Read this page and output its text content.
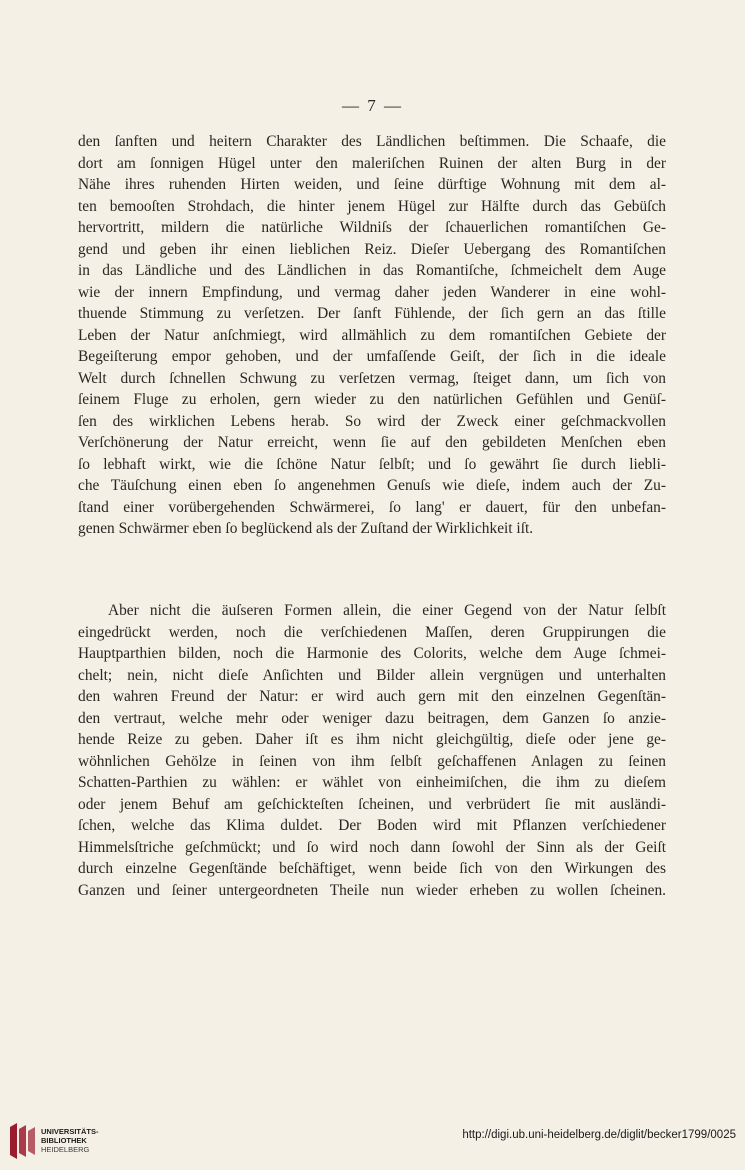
— 7 —
den ſanften und heitern Charakter des Ländlichen beſtimmen. Die Schaafe, die
dort am ſonnigen Hügel unter den maleriſchen Ruinen der alten Burg in der
Nähe ihres ruhenden Hirten weiden, und ſeine dürftige Wohnung mit dem al-
ten bemooſten Strohdach, die hinter jenem Hügel zur Hälfte durch das Gebüſch
hervortritt, mildern die natürliche Wildniſs der ſchauerlichen romantiſchen Ge-
gend und geben ihr einen lieblichen Reiz. Dieſer Uebergang des Romantiſchen
in das Ländliche und des Ländlichen in das Romantiſche, ſchmeichelt dem Auge
wie der innern Empfindung, und vermag daher jeden Wanderer in eine wohl-
thuende Stimmung zu verſetzen. Der ſanft Fühlende, der ſich gern an das ſtille
Leben der Natur anſchmiegt, wird allmählich zu dem romantiſchen Gebiete der
Begeiſterung empor gehoben, und der umfaſſende Geiſt, der ſich in die ideale
Welt durch ſchnellen Schwung zu verſetzen vermag, ſteiget dann, um ſich von
ſeinem Fluge zu erholen, gern wieder zu den natürlichen Gefühlen und Genüſ-
ſen des wirklichen Lebens herab. So wird der Zweck einer geſchmackvollen
Verſchönerung der Natur erreicht, wenn ſie auf den gebildeten Menſchen eben
ſo lebhaft wirkt, wie die ſchöne Natur ſelbſt; und ſo gewährt ſie durch liebli-
che Täuſchung einen eben ſo angenehmen Genuſs wie dieſe, indem auch der Zu-
ſtand einer vorübergehenden Schwärmerei, ſo lang' er dauert, für den unbefan-
genen Schwärmer eben ſo beglückend als der Zuſtand der Wirklichkeit iſt.
Aber nicht die äuſseren Formen allein, die einer Gegend von der Natur ſelbſt
eingedrückt werden, noch die verſchiedenen Maſſen, deren Gruppirungen die
Hauptparthien bilden, noch die Harmonie des Colorits, welche dem Auge ſchmei-
chelt; nein, nicht dieſe Anſichten und Bilder allein vergnügen und unterhalten
den wahren Freund der Natur: er wird auch gern mit den einzelnen Gegenſtän-
den vertraut, welche mehr oder weniger dazu beitragen, dem Ganzen ſo anzie-
hende Reize zu geben. Daher iſt es ihm nicht gleichgültig, dieſe oder jene ge-
wöhnlichen Gehölze in ſeinen von ihm ſelbſt geſchaffenen Anlagen zu ſeinen
Schatten-Parthien zu wählen: er wählet von einheimiſchen, die ihm zu dieſem
oder jenem Behuf am geſchickteſten ſcheinen, und verbrüdert ſie mit ausländi-
ſchen, welche das Klima duldet. Der Boden wird mit Pflanzen verſchiedener
Himmelsſtriche geſchmückt; und ſo wird noch dann ſowohl der Sinn als der Geiſt
durch einzelne Gegenſtände beſchäftiget, wenn beide ſich von den Wirkungen des
Ganzen und ſeiner untergeordneten Theile nun wieder erheben zu wollen ſcheinen.
UNIVERSITÄTS-
BIBLIOTHEK
HEIDELBERG
http://digi.ub.uni-heidelberg.de/diglit/becker1799/0025
